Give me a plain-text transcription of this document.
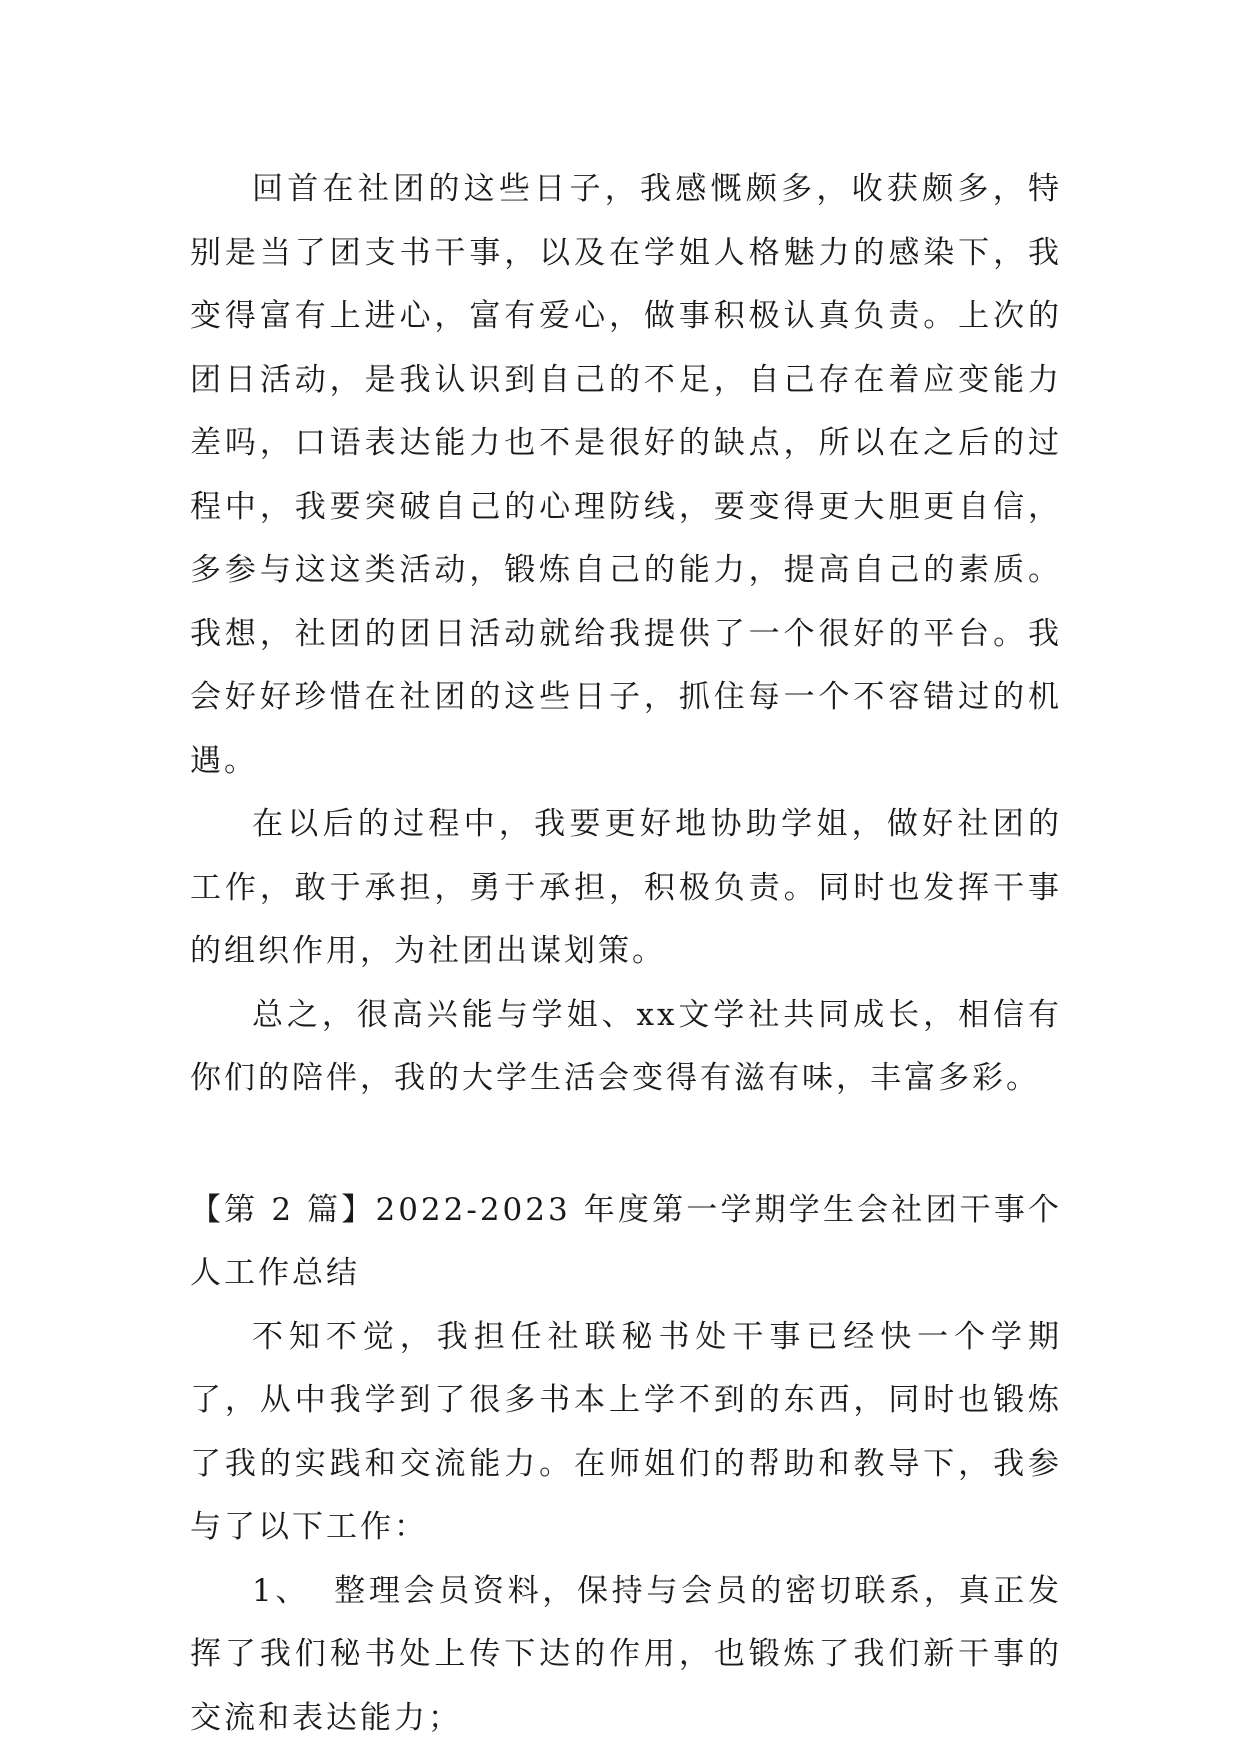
回首在社团的这些日子，我感慨颇多，收获颇多，特别是当了团支书干事，以及在学姐人格魅力的感染下，我变得富有上进心，富有爱心，做事积极认真负责。上次的团日活动，是我认识到自己的不足，自己存在着应变能力差吗，口语表达能力也不是很好的缺点，所以在之后的过程中，我要突破自己的心理防线，要变得更大胆更自信，多参与这这类活动，锻炼自己的能力，提高自己的素质。我想，社团的团日活动就给我提供了一个很好的平台。我会好好珍惜在社团的这些日子，抓住每一个不容错过的机遇。

在以后的过程中，我要更好地协助学姐，做好社团的工作，敢于承担，勇于承担，积极负责。同时也发挥干事的组织作用，为社团出谋划策。

总之，很高兴能与学姐、xx文学社共同成长，相信有你们的陪伴，我的大学生活会变得有滋有味，丰富多彩。

【第 2 篇】2022-2023 年度第一学期学生会社团干事个人工作总结

不知不觉，我担任社联秘书处干事已经快一个学期了，从中我学到了很多书本上学不到的东西，同时也锻炼了我的实践和交流能力。在师姐们的帮助和教导下，我参与了以下工作：

1、 整理会员资料，保持与会员的密切联系，真正发挥了我们秘书处上传下达的作用，也锻炼了我们新干事的交流和表达能力；
